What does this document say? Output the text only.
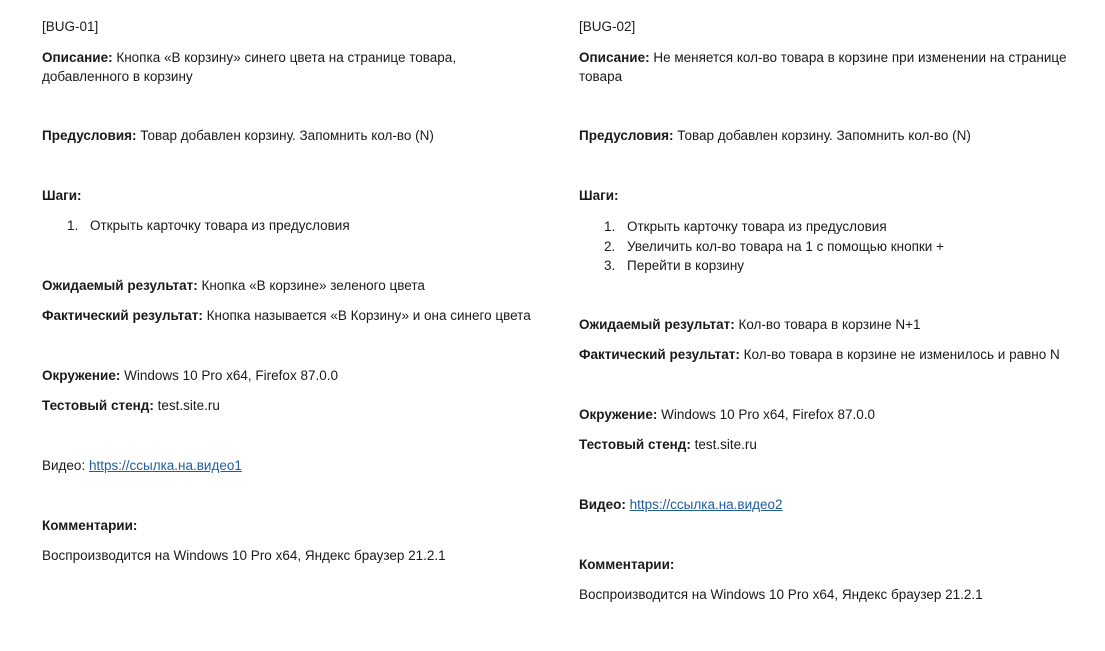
[BUG-01]
Описание: Кнопка «В корзину» синего цвета на странице товара, добавленного в корзину
Предусловия: Товар добавлен корзину. Запомнить кол-во (N)
Шаги:
1. Открыть карточку товара из предусловия
Ожидаемый результат: Кнопка «В корзине» зеленого цвета
Фактический результат: Кнопка называется «В Корзину» и она синего цвета
Окружение: Windows 10 Pro x64, Firefox 87.0.0
Тестовый стенд: test.site.ru
Видео: https://ссылка.на.видео1
Комментарии:
Воспроизводится на Windows 10 Pro x64, Яндекс браузер 21.2.1
[BUG-02]
Описание: Не меняется кол-во товара в корзине при изменении на странице товара
Предусловия: Товар добавлен корзину. Запомнить кол-во (N)
Шаги:
1. Открыть карточку товара из предусловия
2. Увеличить кол-во товара на 1 с помощью кнопки +
3. Перейти в корзину
Ожидаемый результат: Кол-во товара в корзине N+1
Фактический результат: Кол-во товара в корзине не изменилось и равно N
Окружение: Windows 10 Pro x64, Firefox 87.0.0
Тестовый стенд: test.site.ru
Видео: https://ссылка.на.видео2
Комментарии:
Воспроизводится на Windows 10 Pro x64, Яндекс браузер 21.2.1
